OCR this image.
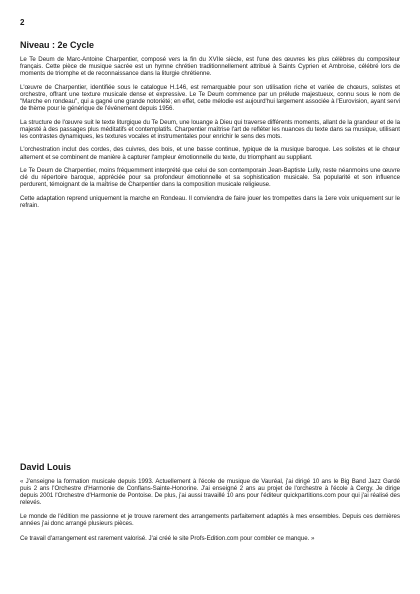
2
Niveau : 2e Cycle

Le Te Deum de Marc-Antoine Charpentier, composé vers la fin du XVIIe siècle, est l'une des œuvres les plus célèbres du compositeur français. Cette pièce de musique sacrée est un hymne chrétien traditionnellement attribué à Saints Cyprien et Ambroise, célébré lors de moments de triomphe et de reconnaissance dans la liturgie chrétienne.

L'œuvre de Charpentier, identifiée sous le catalogue H.146, est remarquable pour son utilisation riche et variée de chœurs, solistes et orchestre, offrant une texture musicale dense et expressive. Le Te Deum commence par un prélude majestueux, connu sous le nom de "Marche en rondeau", qui a gagné une grande notoriété; en effet, cette mélodie est aujourd'hui largement associée à l'Eurovision, ayant servi de thème pour le générique de l'événement depuis 1956.

La structure de l'œuvre suit le texte liturgique du Te Deum, une louange à Dieu qui traverse différents moments, allant de la grandeur et de la majesté à des passages plus méditatifs et contemplatifs. Charpentier maîtrise l'art de refléter les nuances du texte dans sa musique, utilisant les contrastes dynamiques, les textures vocales et instrumentales pour enrichir le sens des mots.

L'orchestration inclut des cordes, des cuivres, des bois, et une basse continue, typique de la musique baroque. Les solistes et le chœur alternent et se combinent de manière à capturer l'ampleur émotionnelle du texte, du triomphant au suppliant.

Le Te Deum de Charpentier, moins fréquemment interprété que celui de son contemporain Jean-Baptiste Lully, reste néanmoins une œuvre clé du répertoire baroque, appréciée pour sa profondeur émotionnelle et sa sophistication musicale. Sa popularité et son influence perdurent, témoignant de la maîtrise de Charpentier dans la composition musicale religieuse.

Cette adaptation reprend uniquement la marche en Rondeau. Il conviendra de faire jouer les trompettes dans la 1ere voix uniquement sur le refrain.

David Louis

« J'enseigne la formation musicale depuis 1993. Actuellement à l'école de musique de Vauréal, j'ai dirigé 10 ans le Big Band Jazz Gardé puis 2 ans l'Orchestre d'Harmonie de Conflans-Sainte-Honorine. J'ai enseigné 2 ans au projet de l'orchestre à l'école à Cergy. Je dirige depuis 2001 l'Orchestre d'Harmonie de Pontoise. De plus, j'ai aussi travaillé 10 ans pour l'éditeur quickpartitions.com pour qui j'ai réalisé des relevés.

Le monde de l'édition me passionne et je trouve rarement des arrangements parfaitement adaptés à mes ensembles. Depuis ces dernières années j'ai donc arrangé plusieurs pièces.

Ce travail d'arrangement est rarement valorisé. J'ai créé le site Profs-Edition.com pour combler ce manque. »
